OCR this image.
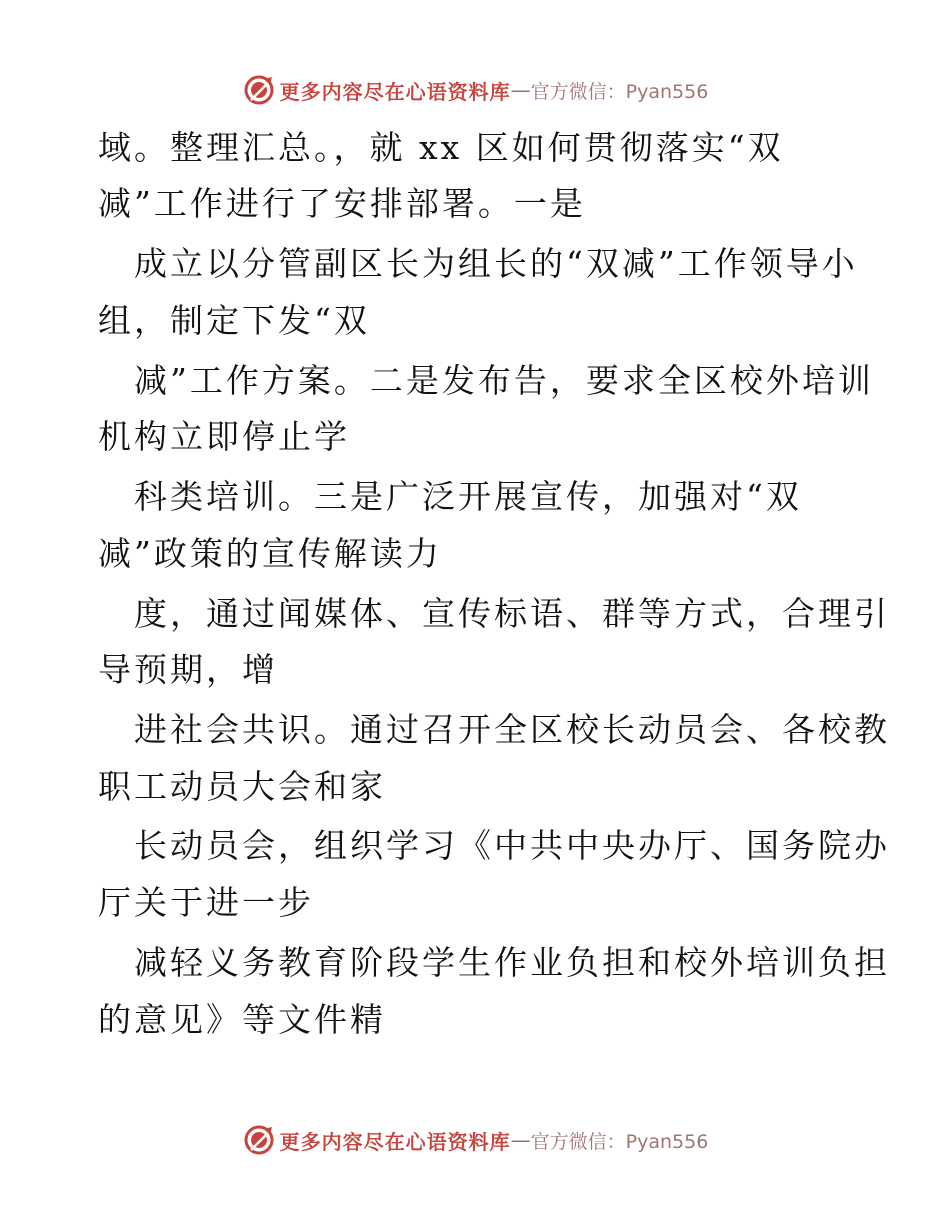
更多内容尽在心语资料库 — 官方微信：Pyan556
域。整理汇总。，就 xx 区如何贯彻落实“双
减”工作进行了安排部署。一是
成立以分管副区长为组长的“双减”工作领导小
组，制定下发“双
减”工作方案。二是发布告，要求全区校外培训
机构立即停止学
科类培训。三是广泛开展宣传，加强对“双
减”政策的宣传解读力
度，通过闻媒体、宣传标语、群等方式，合理引
导预期，增
进社会共识。通过召开全区校长动员会、各校教
职工动员大会和家
长动员会，组织学习《中共中央办厅、国务院办
厅关于进一步
减轻义务教育阶段学生作业负担和校外培训负担
的意见》等文件精
更多内容尽在心语资料库 — 官方微信：Pyan556
